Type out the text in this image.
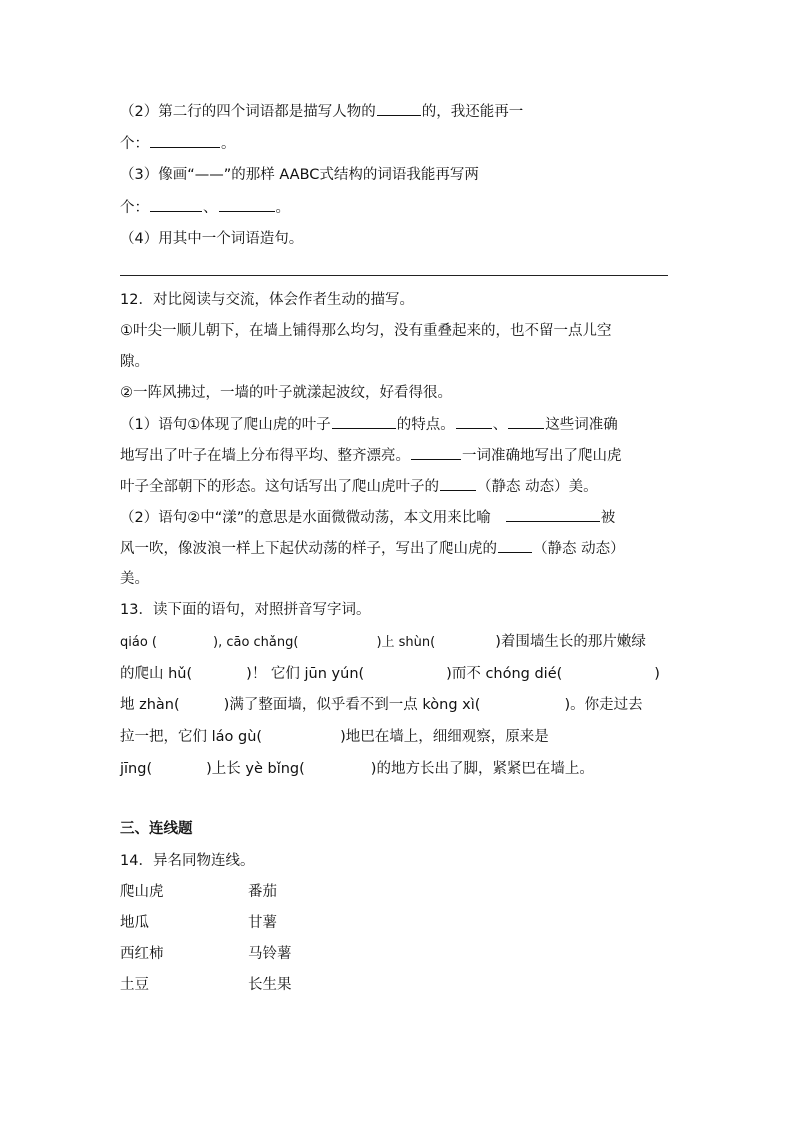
（2）第二行的四个词语都是描写人物的	的，我还能再一
个：	。
（3）像画“——”的那样 AABC式结构的词语我能再写两
个：	、	。
（4）用其中一个词语造句。
12．对比阅读与交流，体会作者生动的描写。
①叶尖一顺儿朝下，在墙上铺得那么均匀，没有重叠起来的，也不留一点儿空
隙。
②一阵风拂过，一墙的叶子就漾起波纹，好看得很。
（1）语句①体现了爬山虎的叶子	的特点。	、	这些词准确
地写出了叶子在墙上分布得平均、整齐漂亮。	一词准确地写出了爬山虎
叶子全部朝下的形态。这句话写出了爬山虎叶子的	（静态 动态）美。
（2）语句②中“漾”的意思是水面微微动荡，本文用来比喻	被
风一吹，像波浪一样上下起伏动荡的样子，写出了爬山虎的 （静态 动态）
美。
13．读下面的语句，对照拼音写字词。
qiáo (	), cāo chǎng(	)上 shùn(	)着围墙生长的那片嫩绿
的爬山 hǔ(	)！ 它们 jūn yún(	)而不 chóng dié(	)
地 zhàn(	)满了整面墙，似乎看不到一点 kòng xì(	)。你走过去
拉一把，它们 láo gù(	)地巴在墙上，细细观察，原来是
jīng(	)上长 yè bǐng(	)的地方长出了脚，紧紧巴在墙上。
三、连线题
14．异名同物连线。
爬山虎	番茄
地瓜	甘薯
西红柿	马铃薯
土豆	长生果
